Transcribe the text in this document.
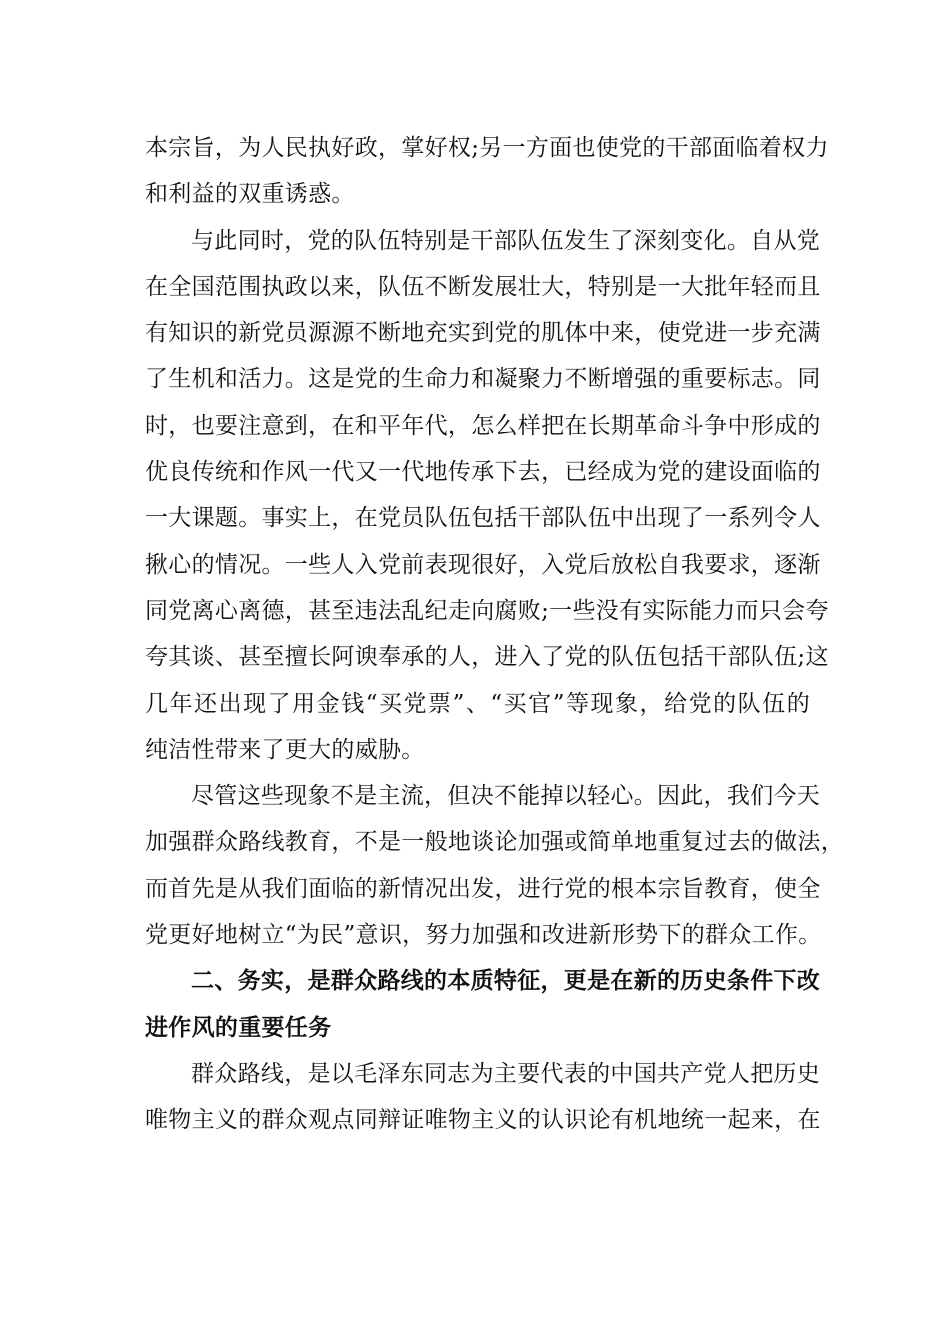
本宗旨，为人民执好政，掌好权;另一方面也使党的干部面临着权力
和利益的双重诱惑。
与此同时，党的队伍特别是干部队伍发生了深刻变化。自从党
在全国范围执政以来，队伍不断发展壮大，特别是一大批年轻而且
有知识的新党员源源不断地充实到党的肌体中来，使党进一步充满
了生机和活力。这是党的生命力和凝聚力不断增强的重要标志。同
时，也要注意到，在和平年代，怎么样把在长期革命斗争中形成的
优良传统和作风一代又一代地传承下去，已经成为党的建设面临的
一大课题。事实上，在党员队伍包括干部队伍中出现了一系列令人
揪心的情况。一些人入党前表现很好，入党后放松自我要求，逐渐
同党离心离德，甚至违法乱纪走向腐败;一些没有实际能力而只会夸
夸其谈、甚至擅长阿谀奉承的人，进入了党的队伍包括干部队伍;这
几年还出现了用金钱“买党票”、“买官”等现象，给党的队伍的
纯洁性带来了更大的威胁。
尽管这些现象不是主流，但决不能掉以轻心。因此，我们今天
加强群众路线教育，不是一般地谈论加强或简单地重复过去的做法，
而首先是从我们面临的新情况出发，进行党的根本宗旨教育，使全
党更好地树立“为民”意识，努力加强和改进新形势下的群众工作。
二、务实，是群众路线的本质特征，更是在新的历史条件下改
进作风的重要任务
群众路线，是以毛泽东同志为主要代表的中国共产党人把历史
唯物主义的群众观点同辩证唯物主义的认识论有机地统一起来，在
